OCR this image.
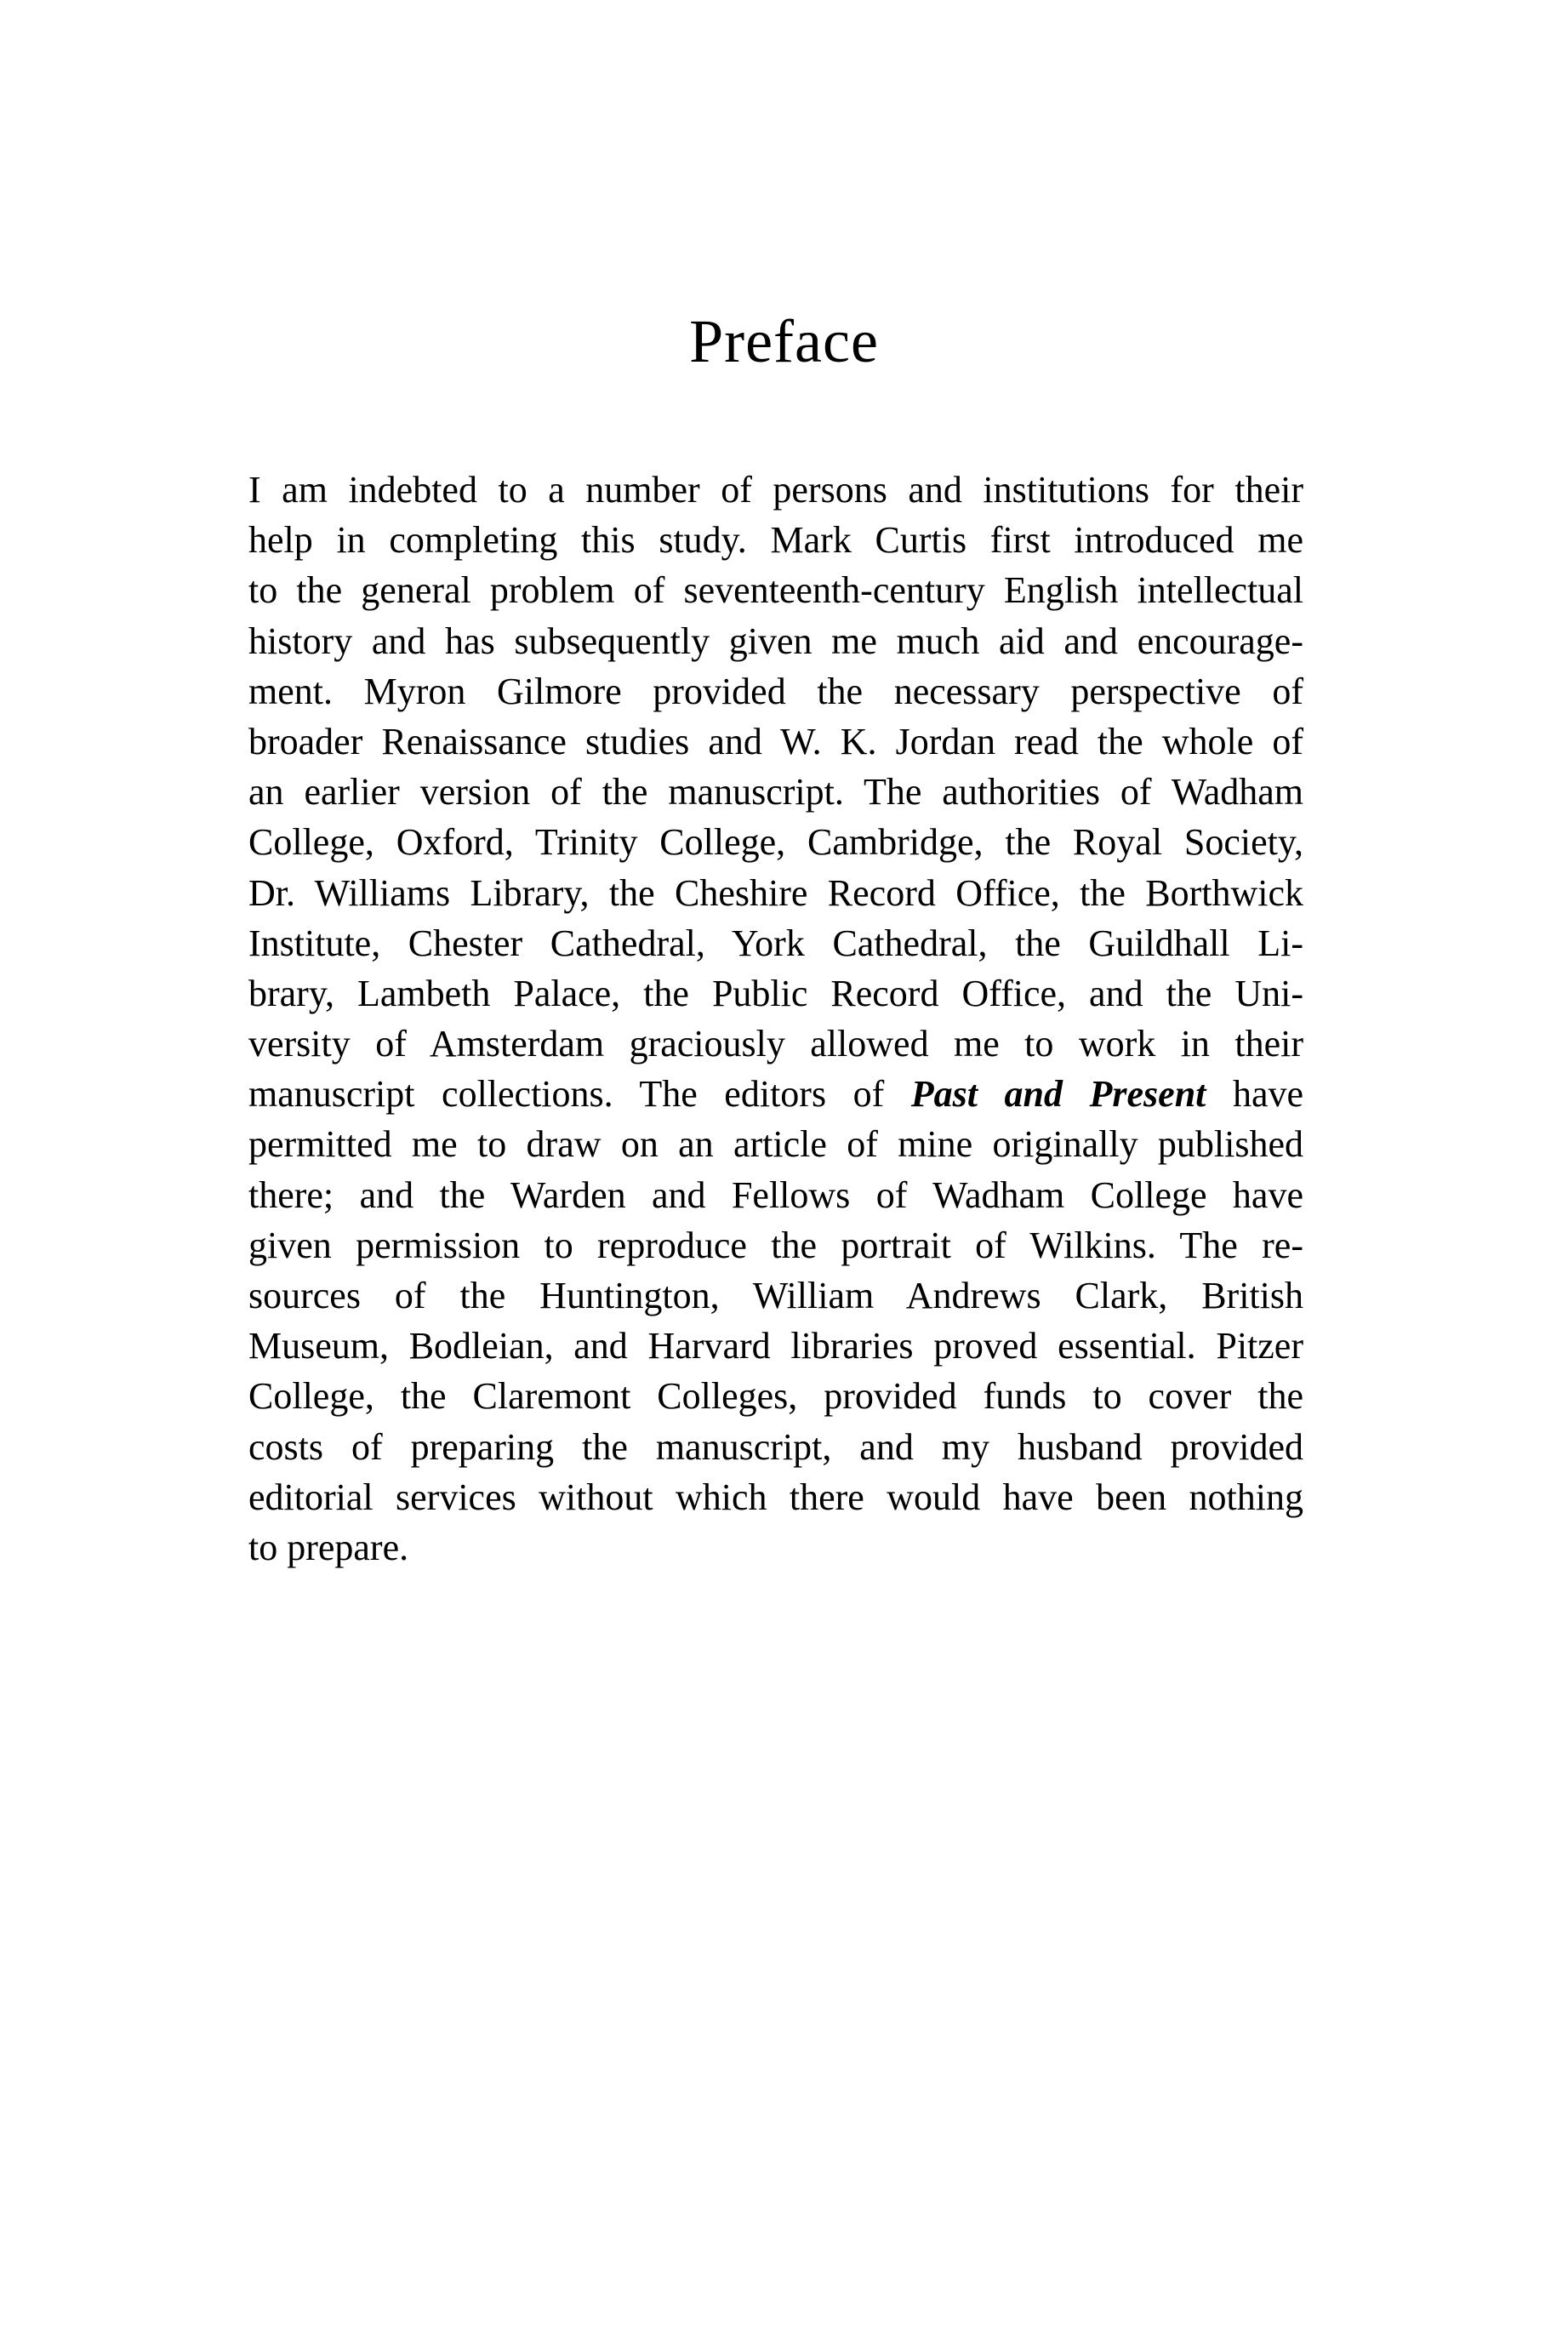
Preface
I am indebted to a number of persons and institutions for their
help in completing this study. Mark Curtis first introduced me
to the general problem of seventeenth-century English intellectual
history and has subsequently given me much aid and encourage-
ment. Myron Gilmore provided the necessary perspective of
broader Renaissance studies and W. K. Jordan read the whole of
an earlier version of the manuscript. The authorities of Wadham
College, Oxford, Trinity College, Cambridge, the Royal Society,
Dr. Williams Library, the Cheshire Record Office, the Borthwick
Institute, Chester Cathedral, York Cathedral, the Guildhall Li-
brary, Lambeth Palace, the Public Record Office, and the Uni-
versity of Amsterdam graciously allowed me to work in their
manuscript collections. The editors of Past and Present have
permitted me to draw on an article of mine originally published
there; and the Warden and Fellows of Wadham College have
given permission to reproduce the portrait of Wilkins. The re-
sources of the Huntington, William Andrews Clark, British
Museum, Bodleian, and Harvard libraries proved essential. Pitzer
College, the Claremont Colleges, provided funds to cover the
costs of preparing the manuscript, and my husband provided
editorial services without which there would have been nothing
to prepare.
